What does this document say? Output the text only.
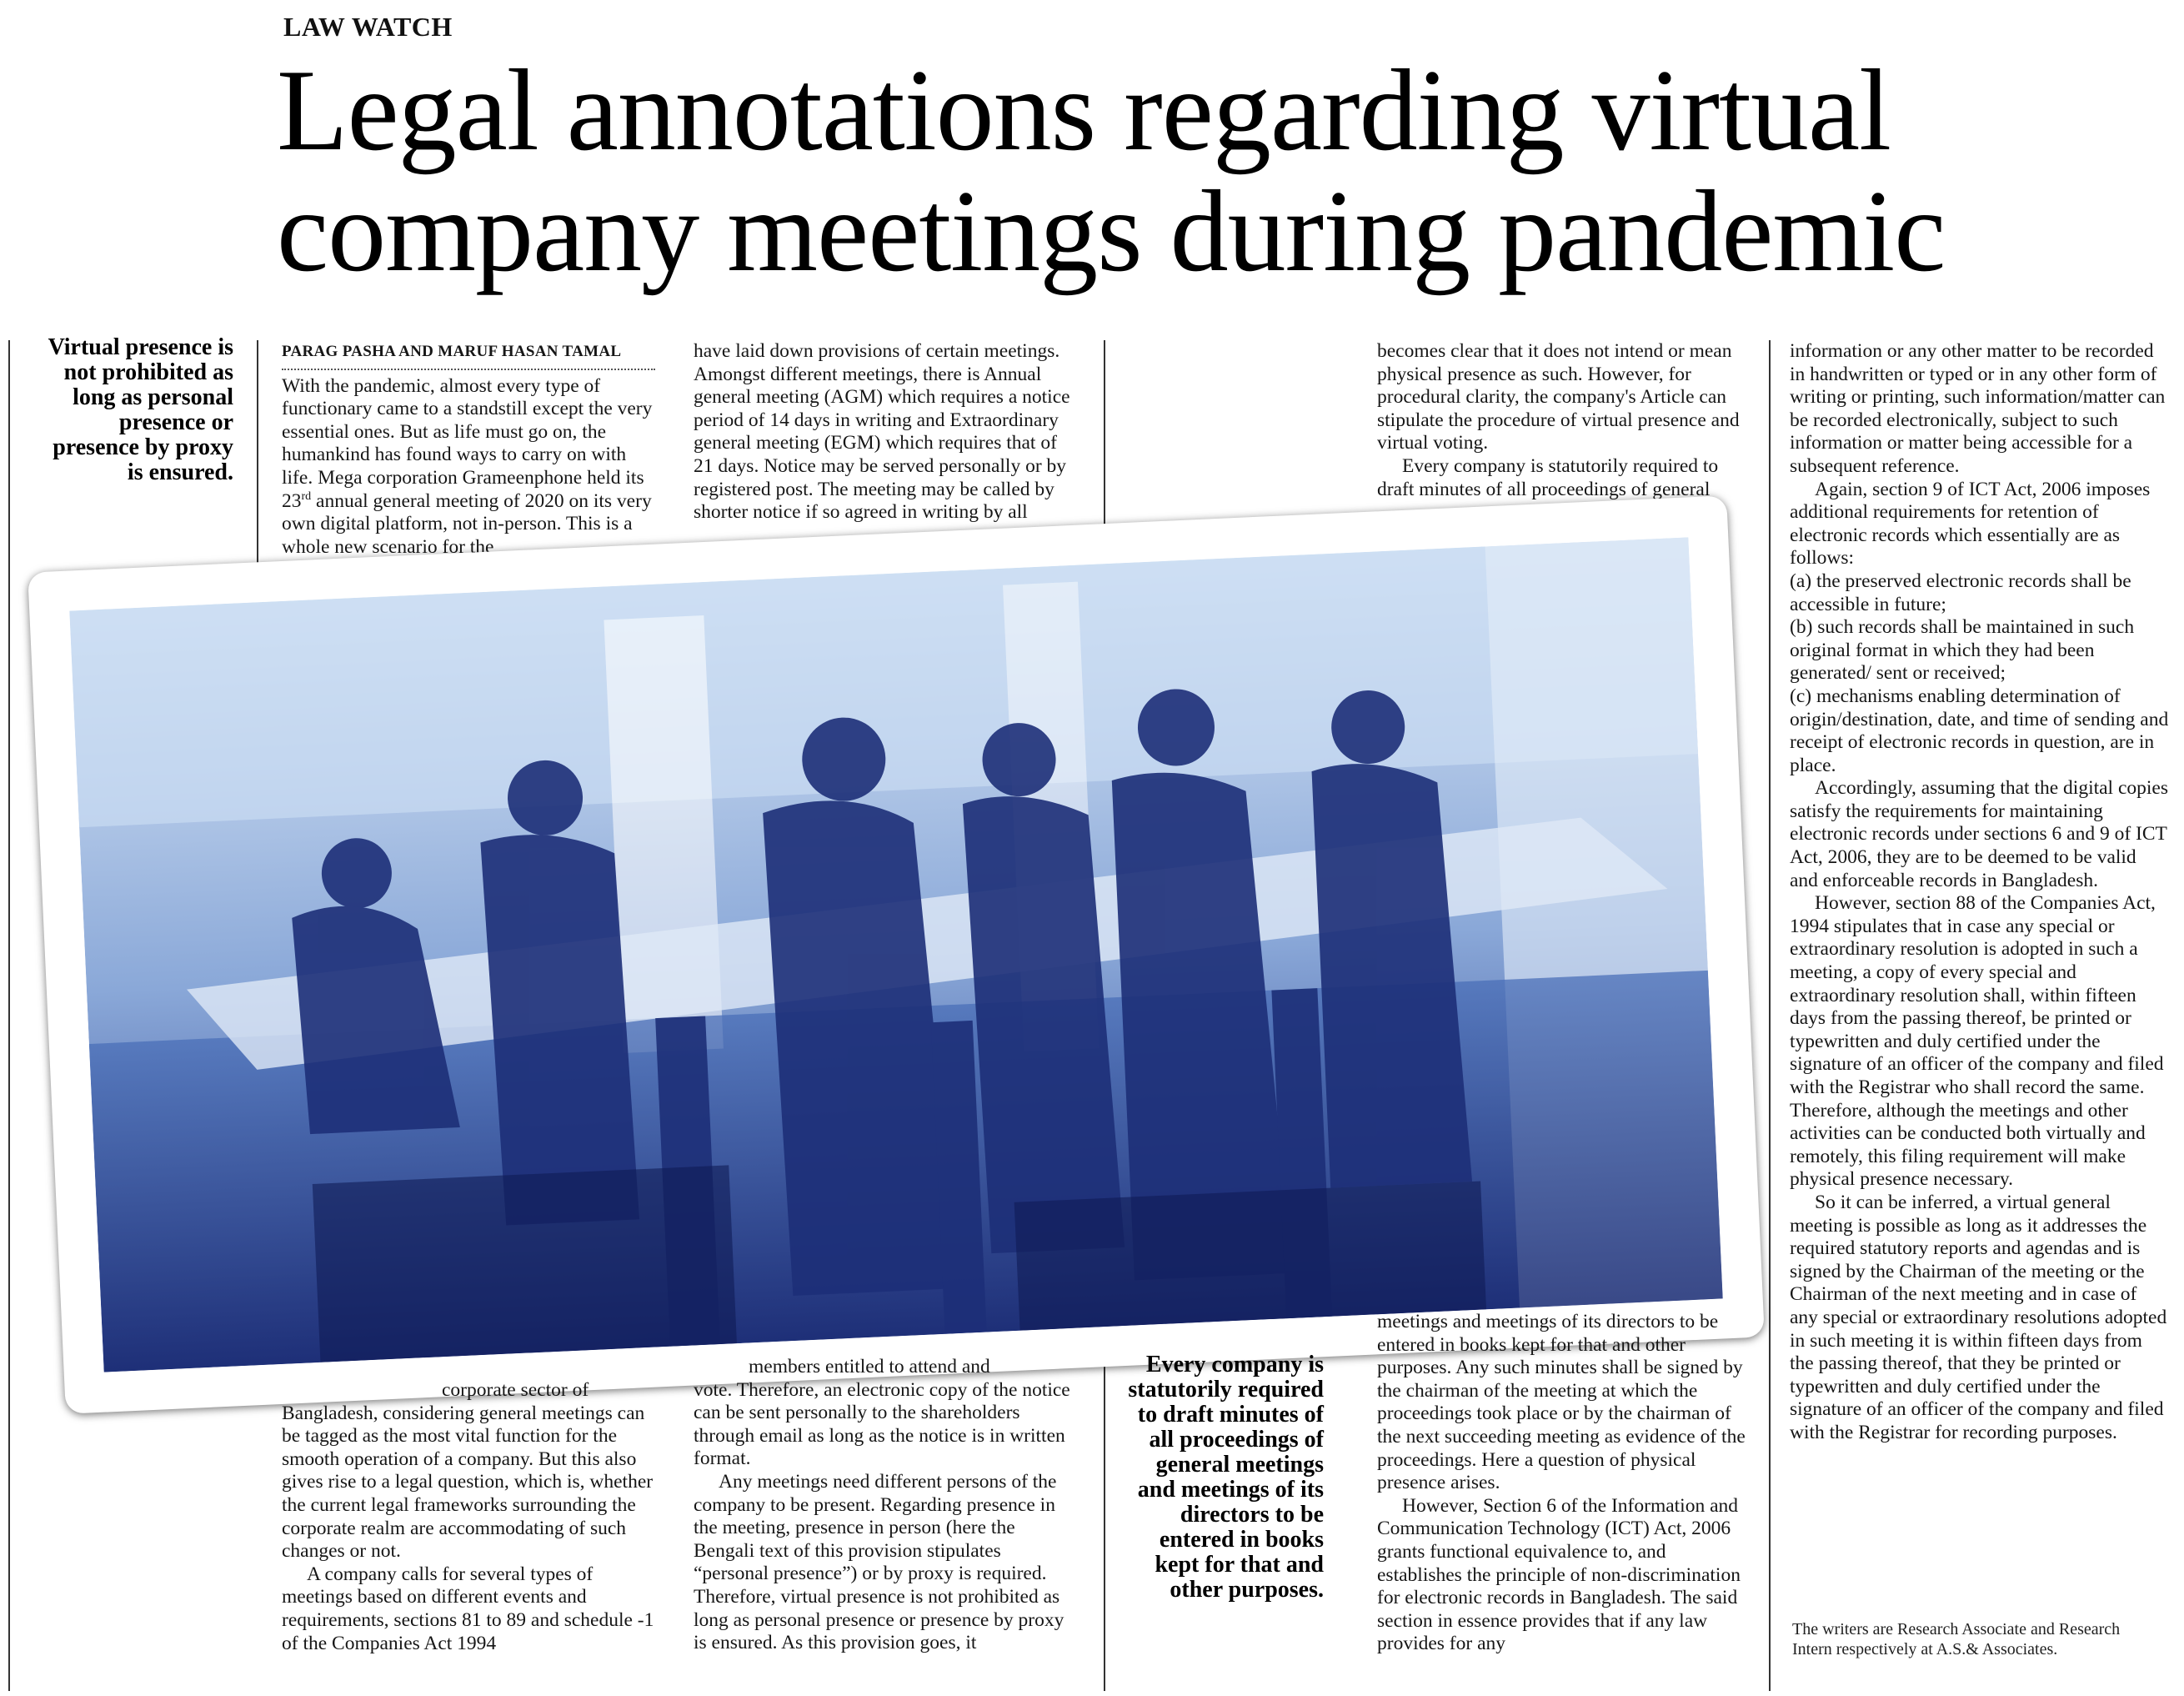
LAW WATCH
Legal annotations regarding virtual company meetings during pandemic
Virtual presence is not prohibited as long as personal presence or presence by proxy is ensured.
PARAG PASHA AND MARUF HASAN TAMAL

With the pandemic, almost every type of functionary came to a standstill except the very essential ones. But as life must go on, the humankind has found ways to carry on with life. Mega corporation Grameenphone held its 23rd annual general meeting of 2020 on its very own digital platform, not in-person. This is a whole new scenario for the

have laid down provisions of certain meetings. Amongst different meetings, there is Annual general meeting (AGM) which requires a notice period of 14 days in writing and Extraordinary general meeting (EGM) which requires that of 21 days. Notice may be served personally or by registered post. The meeting may be called by shorter notice if so agreed in writing by all

becomes clear that it does not intend or mean physical presence as such. However, for procedural clarity, the company's Article can stipulate the procedure of virtual presence and virtual voting.

Every company is statutorily required to draft minutes of all proceedings of general

information or any other matter to be recorded in handwritten or typed or in any other form of writing or printing, such information/matter can be recorded electronically, subject to such information or matter being accessible for a subsequent reference.

Again, section 9 of ICT Act, 2006 imposes additional requirements for retention of electronic records which essentially are as follows:

(a) the preserved electronic records shall be accessible in future;

(b) such records shall be maintained in such original format in which they had been generated/ sent or received;

(c) mechanisms enabling determination of origin/destination, date, and time of sending and receipt of electronic records in question, are in place.

Accordingly, assuming that the digital copies satisfy the requirements for maintaining electronic records under sections 6 and 9 of ICT Act, 2006, they are to be deemed to be valid and enforceable records in Bangladesh.

However, section 88 of the Companies Act, 1994 stipulates that in case any special or extraordinary resolution is adopted in such a meeting, a copy of every special and extraordinary resolution shall, within fifteen days from the passing thereof, be printed or typewritten and duly certified under the signature of an officer of the company and filed with the Registrar who shall record the same. Therefore, although the meetings and other activities can be conducted both virtually and remotely, this filing requirement will make physical presence necessary.

So it can be inferred, a virtual general meeting is possible as long as it addresses the required statutory reports and agendas and is signed by the Chairman of the meeting or the Chairman of the next meeting and in case of any special or extraordinary resolutions adopted in such meeting it is within fifteen days from the passing thereof, that they be printed or typewritten and duly certified under the signature of an officer of the company and filed with the Registrar for recording purposes.

corporate sector of

Bangladesh, considering general meetings can be tagged as the most vital function for the smooth operation of a company. But this also gives rise to a legal question, which is, whether the current legal frameworks surrounding the corporate realm are accommodating of such changes or not.

A company calls for several types of meetings based on different events and requirements, sections 81 to 89 and schedule -1 of the Companies Act 1994

members entitled to attend and

vote. Therefore, an electronic copy of the notice can be sent personally to the shareholders through email as long as the notice is in written format.

Any meetings need different persons of the company to be present. Regarding presence in the meeting, presence in person (here the Bengali text of this provision stipulates “personal presence”) or by proxy is required. Therefore, virtual presence is not prohibited as long as personal presence or presence by proxy is ensured. As this provision goes, it

Every company is statutorily required to draft minutes of all proceedings of general meetings and meetings of its directors to be entered in books kept for that and other purposes.

meetings and meetings of its directors to be entered in books kept for that and other purposes. Any such minutes shall be signed by the chairman of the meeting at which the proceedings took place or by the chairman of the next succeeding meeting as evidence of the proceedings. Here a question of physical presence arises.

However, Section 6 of the Information and Communication Technology (ICT) Act, 2006 grants functional equivalence to, and establishes the principle of non-discrimination for electronic records in Bangladesh. The said section in essence provides that if any law provides for any

The writers are Research Associate and Research Intern respectively at A.S.& Associates.
